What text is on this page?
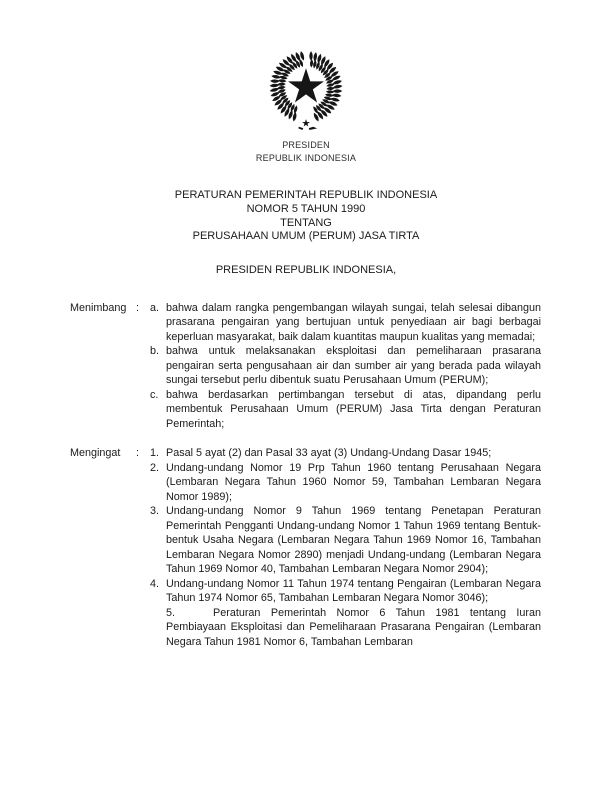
PRESIDEN
REPUBLIK INDONESIA
PERATURAN PEMERINTAH REPUBLIK INDONESIA
NOMOR 5 TAHUN 1990
TENTANG
PERUSAHAAN UMUM (PERUM) JASA TIRTA
PRESIDEN REPUBLIK INDONESIA,
Menimbang :	a. bahwa dalam rangka pengembangan wilayah sungai, telah selesai dibangun prasarana pengairan yang bertujuan untuk penyediaan air bagi berbagai keperluan masyarakat, baik dalam kuantitas maupun kualitas yang memadai;
b. bahwa untuk melaksanakan eksploitasi dan pemeliharaan prasarana pengairan serta pengusahaan air dan sumber air yang berada pada wilayah sungai tersebut perlu dibentuk suatu Perusahaan Umum (PERUM);
c. bahwa berdasarkan pertimbangan tersebut di atas, dipandang perlu membentuk Perusahaan Umum (PERUM) Jasa Tirta dengan Peraturan Pemerintah;
Mengingat	:	1. Pasal 5 ayat (2) dan Pasal 33 ayat (3) Undang-Undang Dasar 1945;
2. Undang-undang Nomor 19 Prp Tahun 1960 tentang Perusahaan Negara (Lembaran Negara Tahun 1960 Nomor 59, Tambahan Lembaran Negara Nomor 1989);
3. Undang-undang Nomor 9 Tahun 1969 tentang Penetapan Peraturan Pemerintah Pengganti Undang-undang Nomor 1 Tahun 1969 tentang Bentuk-bentuk Usaha Negara (Lembaran Negara Tahun 1969 Nomor 16, Tambahan Lembaran Negara Nomor 2890) menjadi Undang-undang (Lembaran Negara Tahun 1969 Nomor 40, Tambahan Lembaran Negara Nomor 2904);
4. Undang-undang Nomor 11 Tahun 1974 tentang Pengairan (Lembaran Negara Tahun 1974 Nomor 65, Tambahan Lembaran Negara Nomor 3046);
5.	Peraturan Pemerintah Nomor 6 Tahun 1981 tentang Iuran Pembiayaan Eksploitasi dan Pemeliharaan Prasarana Pengairan (Lembaran Negara Tahun 1981 Nomor 6, Tambahan Lembaran
